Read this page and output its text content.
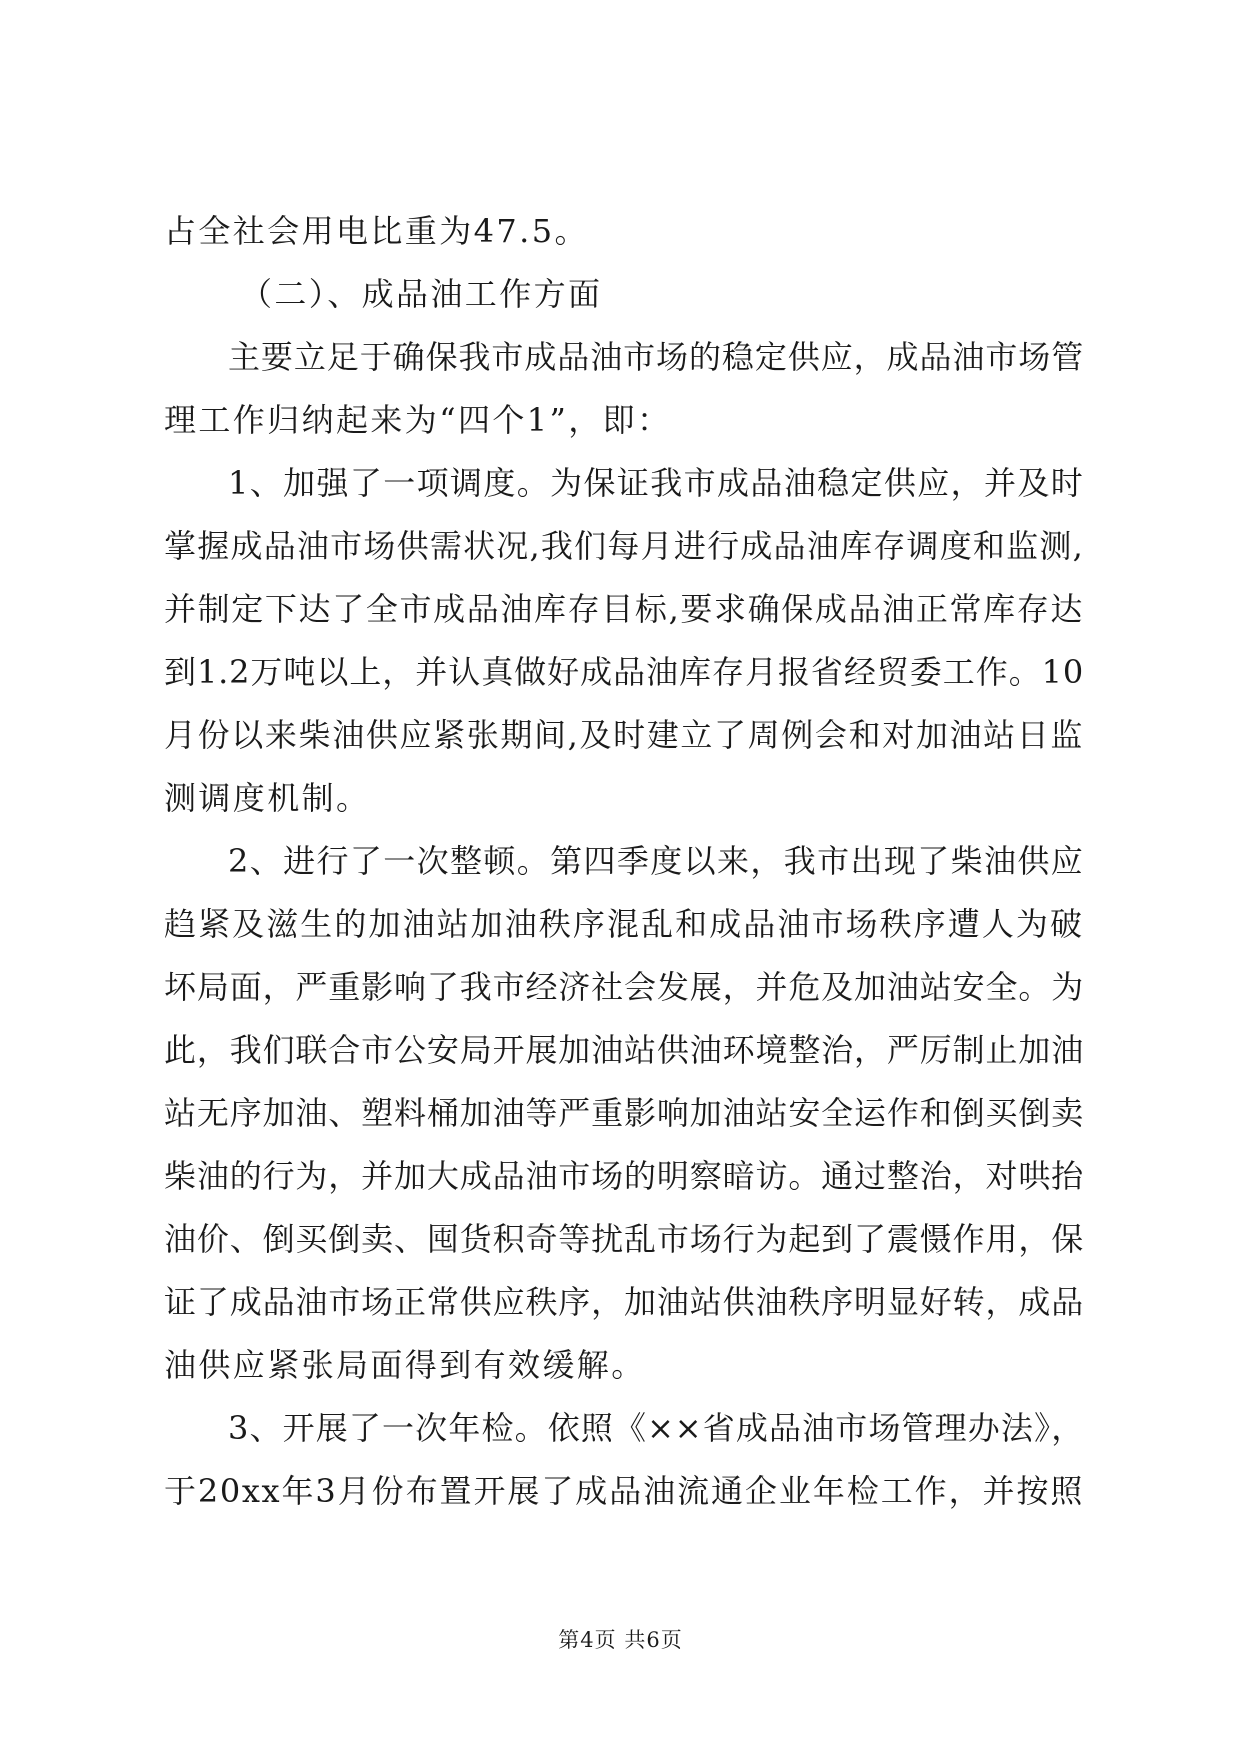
占全社会用电比重为47.5。
（二）、成品油工作方面
主要立足于确保我市成品油市场的稳定供应，成品油市场管
理工作归纳起来为“四个1”，即：
1、加强了一项调度。为保证我市成品油稳定供应，并及时
掌握成品油市场供需状况,我们每月进行成品油库存调度和监测,
并制定下达了全市成品油库存目标,要求确保成品油正常库存达
到1.2万吨以上，并认真做好成品油库存月报省经贸委工作。10
月份以来柴油供应紧张期间,及时建立了周例会和对加油站日监
测调度机制。
2、进行了一次整顿。第四季度以来，我市出现了柴油供应
趋紧及滋生的加油站加油秩序混乱和成品油市场秩序遭人为破
坏局面，严重影响了我市经济社会发展，并危及加油站安全。为
此，我们联合市公安局开展加油站供油环境整治，严厉制止加油
站无序加油、塑料桶加油等严重影响加油站安全运作和倒买倒卖
柴油的行为，并加大成品油市场的明察暗访。通过整治，对哄抬
油价、倒买倒卖、囤货积奇等扰乱市场行为起到了震慑作用，保
证了成品油市场正常供应秩序，加油站供油秩序明显好转，成品
油供应紧张局面得到有效缓解。
3、开展了一次年检。依照《××省成品油市场管理办法》，
于20xx年3月份布置开展了成品油流通企业年检工作，并按照
第4页 共6页
